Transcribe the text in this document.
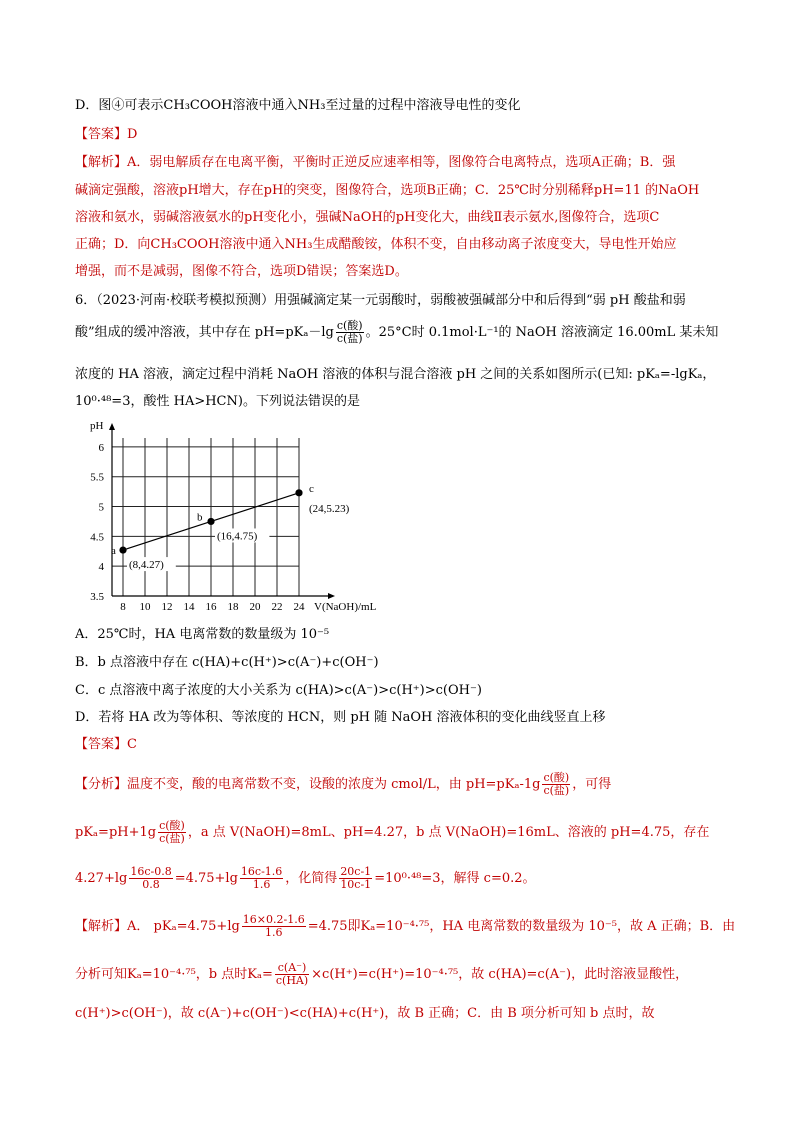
D．图④可表示CH₃COOH溶液中通入NH₃至过量的过程中溶液导电性的变化
【答案】D
【解析】A．弱电解质存在电离平衡，平衡时正逆反应速率相等，图像符合电离特点，选项A正确；B．强
碱滴定强酸，溶液pH增大，存在pH的突变，图像符合，选项B正确；C．25℃时分别稀释pH=11 的NaOH
溶液和氨水，弱碱溶液氨水的pH变化小，强碱NaOH的pH变化大，曲线Ⅱ表示氨水,图像符合，选项C
正确；D．向CH₃COOH溶液中通入NH₃生成醋酸铵，体积不变，自由移动离子浓度变大，导电性开始应
增强，而不是减弱，图像不符合，选项D错误；答案选D。
6．（2023·河南·校联考模拟预测）用强碱滴定某一元弱酸时，弱酸被强碱部分中和后得到“弱 pH 酸盐和弱
酸”组成的缓冲溶液，其中存在 $pH=pK_a-\lg \frac{\text{c(酸)}}{\text{c(盐)}}$ 。25°C时 0.1mol·L⁻¹的 NaOH 溶液滴定 16.00mL 某未知
浓度的 HA 溶液，滴定过程中消耗 NaOH 溶液的体积与混合溶液 pH 之间的关系如图所示(已知: pKₐ=-lgKₐ，
10⁰·⁴⁸=3，酸性 HA>HCN)。下列说法错误的是
8 10 12 14 16 18 20 22 24
3.5
4
4.5
5
5.5
6
pH
V(NaOH)/mL
a
(8,4.27)
b
(16,4.75)
c
(24,5.23)
A．25℃时，HA 电离常数的数量级为 10⁻⁵
B．b 点溶液中存在 c(HA)+c(H⁺)>c(A⁻)+c(OH⁻)
C．c 点溶液中离子浓度的大小关系为 c(HA)>c(A⁻)>c(H⁺)>c(OH⁻)
D．若将 HA 改为等体积、等浓度的 HCN，则 pH 随 NaOH 溶液体积的变化曲线竖直上移
【答案】C
【分析】温度不变，酸的电离常数不变，设酸的浓度为 cmol/L，由 $pH=pK_a-1g \frac{\text{c(酸)}}{\text{c(盐)}}$ ，可得
$pK_a=pH+1g \frac{\text{c(酸)}}{\text{c(盐)}}$ ，a 点 V(NaOH)=8mL、pH=4.27，b 点 V(NaOH)=16mL、溶液的 pH=4.75，存在
$4.27+\lg \frac{16c-0.8}{0.8} =4.75+\lg \frac{16c-1.6}{1.6}$ ，化简得 $\frac{20c-1}{10c-1} =10^0\cdot^{48}=3$，解得 c=0.2。
【解析】A． $pK_a=4.75+\lg \frac{16\times 0.2-1.6}{1.6} =4.75$即Kₐ=10⁻⁴·⁷⁵，HA 电离常数的数量级为 10⁻⁵，故 A 正确；B．由
分析可知Kₐ=10⁻⁴·⁷⁵，b 点时$K_a= \frac{c(A^-)}{c(HA)} \times c(H^+)=c(H^+)=10^{-4}\cdot^{75}$，故 c(HA)=c(A⁻)，此时溶液显酸性，
c(H⁺)>c(OH⁻)，故 c(A⁻)+c(OH⁻)<c(HA)+c(H⁺)，故 B 正确；C．由 B 项分析可知 b 点时，故
